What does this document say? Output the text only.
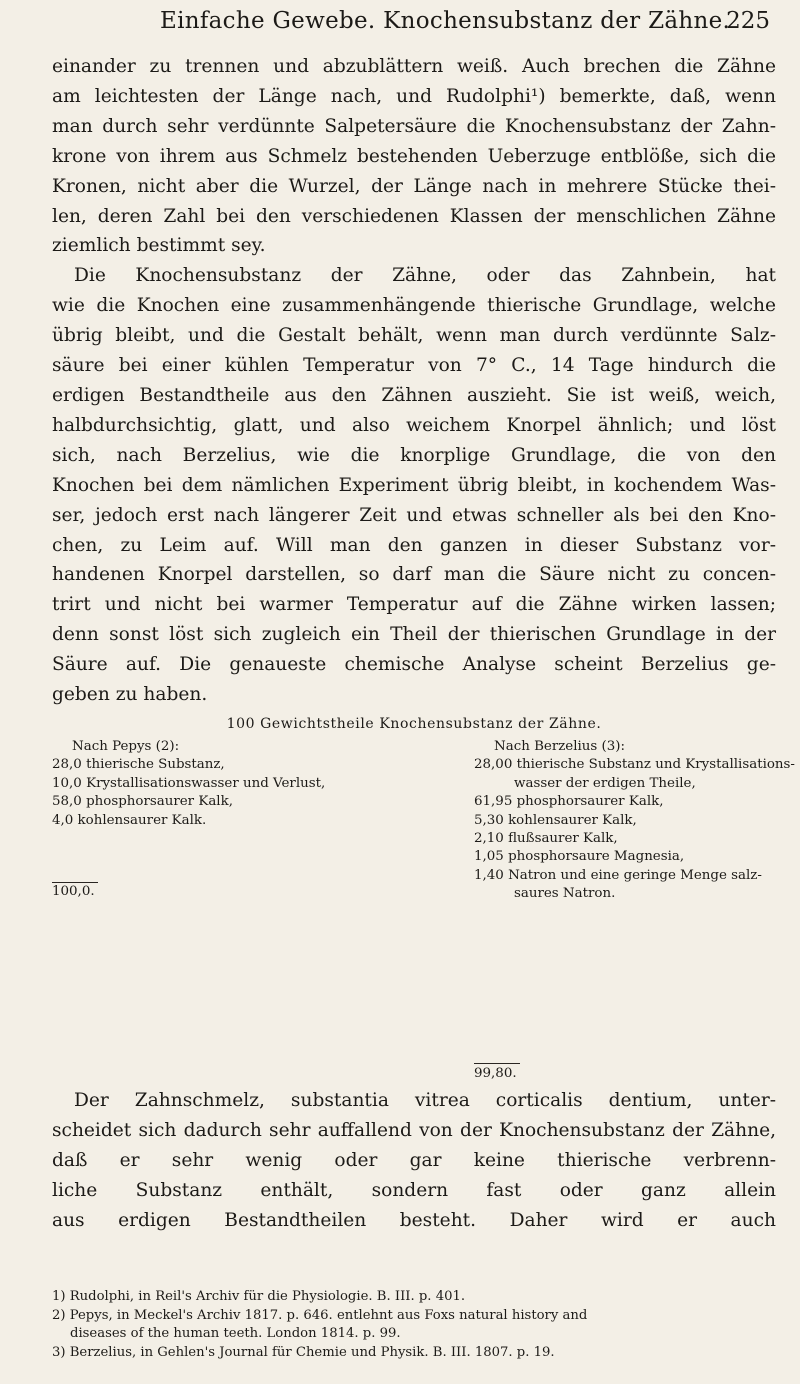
Einfache Gewebe. Knochensubstanz der Zähne.
225
einander zu trennen und abzublättern weiß. Auch brechen die Zähne
am leichtesten der Länge nach, und Rudolphi¹) bemerkte, daß, wenn
man durch sehr verdünnte Salpetersäure die Knochensubstanz der Zahn-
krone von ihrem aus Schmelz bestehenden Ueberzuge entblöße, sich die
Kronen, nicht aber die Wurzel, der Länge nach in mehrere Stücke thei-
len, deren Zahl bei den verschiedenen Klassen der menschlichen Zähne
ziemlich bestimmt sey.
Die Knochensubstanz der Zähne, oder das Zahnbein, hat
wie die Knochen eine zusammenhängende thierische Grundlage, welche
übrig bleibt, und die Gestalt behält, wenn man durch verdünnte Salz-
säure bei einer kühlen Temperatur von 7° C., 14 Tage hindurch die
erdigen Bestandtheile aus den Zähnen auszieht. Sie ist weiß, weich,
halbdurchsichtig, glatt, und also weichem Knorpel ähnlich; und löst
sich, nach Berzelius, wie die knorplige Grundlage, die von den
Knochen bei dem nämlichen Experiment übrig bleibt, in kochendem Was-
ser, jedoch erst nach längerer Zeit und etwas schneller als bei den Kno-
chen, zu Leim auf. Will man den ganzen in dieser Substanz vor-
handenen Knorpel darstellen, so darf man die Säure nicht zu concen-
trirt und nicht bei warmer Temperatur auf die Zähne wirken lassen;
denn sonst löst sich zugleich ein Theil der thierischen Grundlage in der
Säure auf. Die genaueste chemische Analyse scheint Berzelius ge-
geben zu haben.
100 Gewichtstheile Knochensubstanz der Zähne.
Nach Pepys (2):
28,0 thierische Substanz,
10,0 Krystallisationswasser und Verlust,
58,0 phosphorsaurer Kalk,
4,0 kohlensaurer Kalk.
100,0.
Nach Berzelius (3):
28,00 thierische Substanz und Krystallisations-
wasser der erdigen Theile,
61,95 phosphorsaurer Kalk,
5,30 kohlensaurer Kalk,
2,10 flußsaurer Kalk,
1,05 phosphorsaure Magnesia,
1,40 Natron und eine geringe Menge salz-
saures Natron.
99,80.
Der Zahnschmelz, substantia vitrea corticalis dentium, unter-
scheidet sich dadurch sehr auffallend von der Knochensubstanz der Zähne,
daß er sehr wenig oder gar keine thierische verbrenn-
liche Substanz enthält, sondern fast oder ganz allein
aus erdigen Bestandtheilen besteht. Daher wird er auch
1) Rudolphi, in Reil's Archiv für die Physiologie. B. III. p. 401.
2) Pepys, in Meckel's Archiv 1817. p. 646. entlehnt aus Foxs natural history and
diseases of the human teeth. London 1814. p. 99.
3) Berzelius, in Gehlen's Journal für Chemie und Physik. B. III. 1807. p. 19.
